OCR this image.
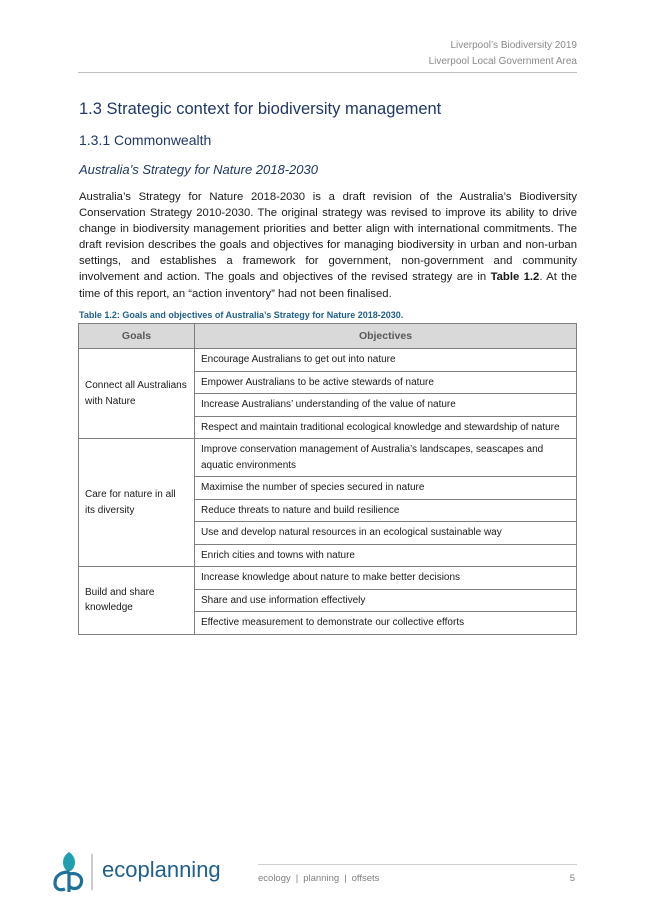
Liverpool’s Biodiversity 2019
Liverpool Local Government Area
1.3 Strategic context for biodiversity management
1.3.1 Commonwealth
Australia’s Strategy for Nature 2018-2030
Australia’s Strategy for Nature 2018-2030 is a draft revision of the Australia’s Biodiversity Conservation Strategy 2010-2030. The original strategy was revised to improve its ability to drive change in biodiversity management priorities and better align with international commitments. The draft revision describes the goals and objectives for managing biodiversity in urban and non-urban settings, and establishes a framework for government, non-government and community involvement and action. The goals and objectives of the revised strategy are in Table 1.2. At the time of this report, an “action inventory” had not been finalised.
Table 1.2: Goals and objectives of Australia’s Strategy for Nature 2018-2030.
Goals	Objectives
Connect all Australians with Nature	Encourage Australians to get out into nature
	Empower Australians to be active stewards of nature
	Increase Australians’ understanding of the value of nature
	Respect and maintain traditional ecological knowledge and stewardship of nature
Care for nature in all its diversity	Improve conservation management of Australia’s landscapes, seascapes and aquatic environments
	Maximise the number of species secured in nature
	Reduce threats to nature and build resilience
	Use and develop natural resources in an ecological sustainable way
	Enrich cities and towns with nature
Build and share knowledge	Increase knowledge about nature to make better decisions
	Share and use information effectively
	Effective measurement to demonstrate our collective efforts
ecoplanning	ecology | planning | offsets	5
